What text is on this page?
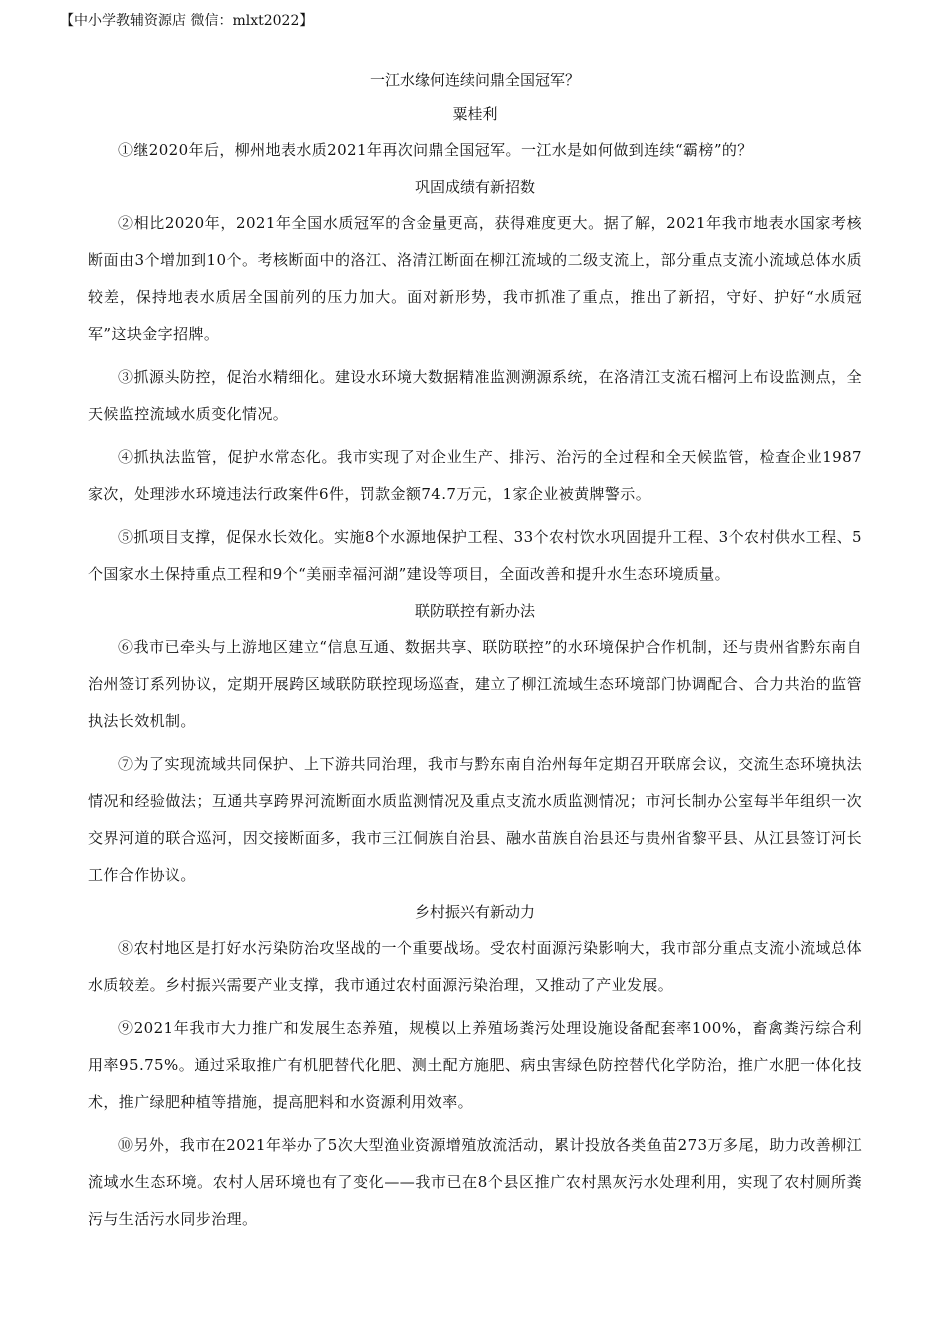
【中小学教辅资源店 微信：mlxt2022】
一江水缘何连续问鼎全国冠军？
粟桂利

①继2020年后，柳州地表水质2021年再次问鼎全国冠军。一江水是如何做到连续“霸榜”的？

巩固成绩有新招数

②相比2020年，2021年全国水质冠军的含金量更高，获得难度更大。据了解，2021年我市地表水国家考核断面由3个增加到10个。考核断面中的洛江、洛清江断面在柳江流域的二级支流上，部分重点支流小流域总体水质较差，保持地表水质居全国前列的压力加大。面对新形势，我市抓准了重点，推出了新招，守好、护好“水质冠军”这块金字招牌。

③抓源头防控，促治水精细化。建设水环境大数据精准监测溯源系统，在洛清江支流石榴河上布设监测点，全天候监控流域水质变化情况。

④抓执法监管，促护水常态化。我市实现了对企业生产、排污、治污的全过程和全天候监管，检查企业1987家次，处理涉水环境违法行政案件6件，罚款金额74.7万元，1家企业被黄牌警示。

⑤抓项目支撑，促保水长效化。实施8个水源地保护工程、33个农村饮水巩固提升工程、3个农村供水工程、5个国家水土保持重点工程和9个“美丽幸福河湖”建设等项目，全面改善和提升水生态环境质量。

联防联控有新办法

⑥我市已牵头与上游地区建立“信息互通、数据共享、联防联控”的水环境保护合作机制，还与贵州省黔东南自治州签订系列协议，定期开展跨区域联防联控现场巡查，建立了柳江流域生态环境部门协调配合、合力共治的监管执法长效机制。

⑦为了实现流域共同保护、上下游共同治理，我市与黔东南自治州每年定期召开联席会议，交流生态环境执法情况和经验做法；互通共享跨界河流断面水质监测情况及重点支流水质监测情况；市河长制办公室每半年组织一次交界河道的联合巡河，因交接断面多，我市三江侗族自治县、融水苗族自治县还与贵州省黎平县、从江县签订河长工作合作协议。

乡村振兴有新动力

⑧农村地区是打好水污染防治攻坚战的一个重要战场。受农村面源污染影响大，我市部分重点支流小流域总体水质较差。乡村振兴需要产业支撑，我市通过农村面源污染治理，又推动了产业发展。

⑨2021年我市大力推广和发展生态养殖，规模以上养殖场粪污处理设施设备配套率100%，畜禽粪污综合利用率95.75%。通过采取推广有机肥替代化肥、测土配方施肥、病虫害绿色防控替代化学防治，推广水肥一体化技术，推广绿肥种植等措施，提高肥料和水资源利用效率。

⑩另外，我市在2021年举办了5次大型渔业资源增殖放流活动，累计投放各类鱼苗273万多尾，助力改善柳江流域水生态环境。农村人居环境也有了变化——我市已在8个县区推广农村黑灰污水处理利用，实现了农村厕所粪污与生活污水同步治理。
